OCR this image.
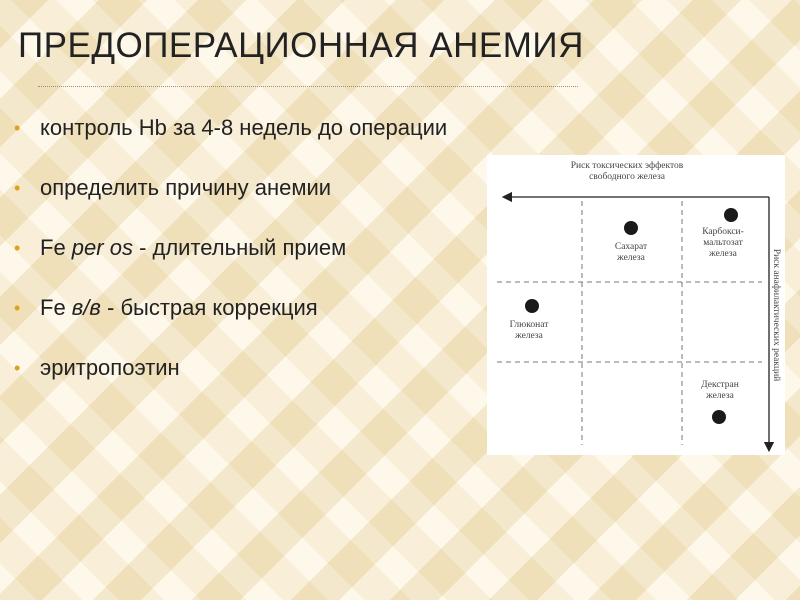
ПРЕДОПЕРАЦИОННАЯ АНЕМИЯ
• контроль Hb за 4-8 недель до операции
• определить причину анемии
• Fe per os - длительный прием
• Fe в/в - быстрая коррекция
• эритропоэтин
Риск токсических эффектов
свободного железа
Риск анафилактических реакций
Сахарат
железа
Карбокси-
мальтозат
железа
Глюконат
железа
Декстран
железа
